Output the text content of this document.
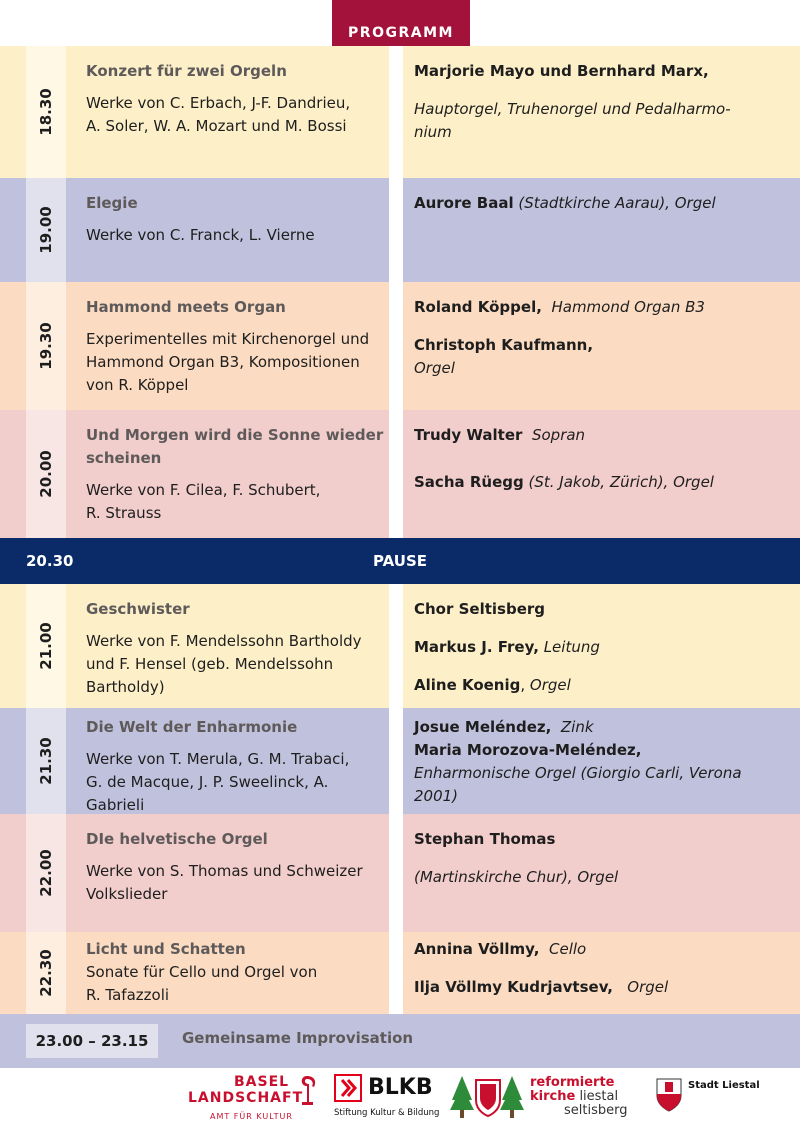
PROGRAMM
18.30
Konzert für zwei Orgeln
Werke von C. Erbach, J-F. Dandrieu,
A. Soler, W. A. Mozart und M. Bossi
Marjorie Mayo und Bernhard Marx,
Hauptorgel, Truhenorgel und Pedalharmo-
nium
19.00
Elegie
Werke von C. Franck, L. Vierne
Aurore Baal (Stadtkirche Aarau), Orgel
19.30
Hammond meets Organ
Experimentelles mit Kirchenorgel und
Hammond Organ B3, Kompositionen
von R. Köppel
Roland Köppel, Hammond Organ B3
Christoph Kaufmann,
Orgel
20.00
Und Morgen wird die Sonne wieder scheinen
Werke von F. Cilea, F. Schubert,
R. Strauss
Trudy Walter Sopran
Sacha Rüegg (St. Jakob, Zürich), Orgel
20.30	PAUSE
21.00
Geschwister
Werke von F. Mendelssohn Bartholdy
und F. Hensel (geb. Mendelssohn
Bartholdy)
Chor Seltisberg
Markus J. Frey, Leitung
Aline Koenig, Orgel
21.30
Die Welt der Enharmonie
Werke von T. Merula, G. M. Trabaci,
G. de Macque, J. P. Sweelinck, A. Gabrieli
Josue Meléndez, Zink
Maria Morozova-Meléndez,
Enharmonische Orgel (Giorgio Carli, Verona
2001)
22.00
DIe helvetische Orgel
Werke von S. Thomas und Schweizer
Volkslieder
Stephan Thomas
(Martinskirche Chur), Orgel
22.30
Licht und Schatten
Sonate für Cello und Orgel von
R. Tafazzoli
Annina Völlmy, Cello
Ilja Völlmy Kudrjavtsev, Orgel
23.00 – 23.15	Gemeinsame Improvisation
BASEL
LANDSCHAFT
AMT FÜR KULTUR
BLKB
Stiftung Kultur & Bildung
reformierte
kirche liestal
seltisberg
Stadt Liestal
